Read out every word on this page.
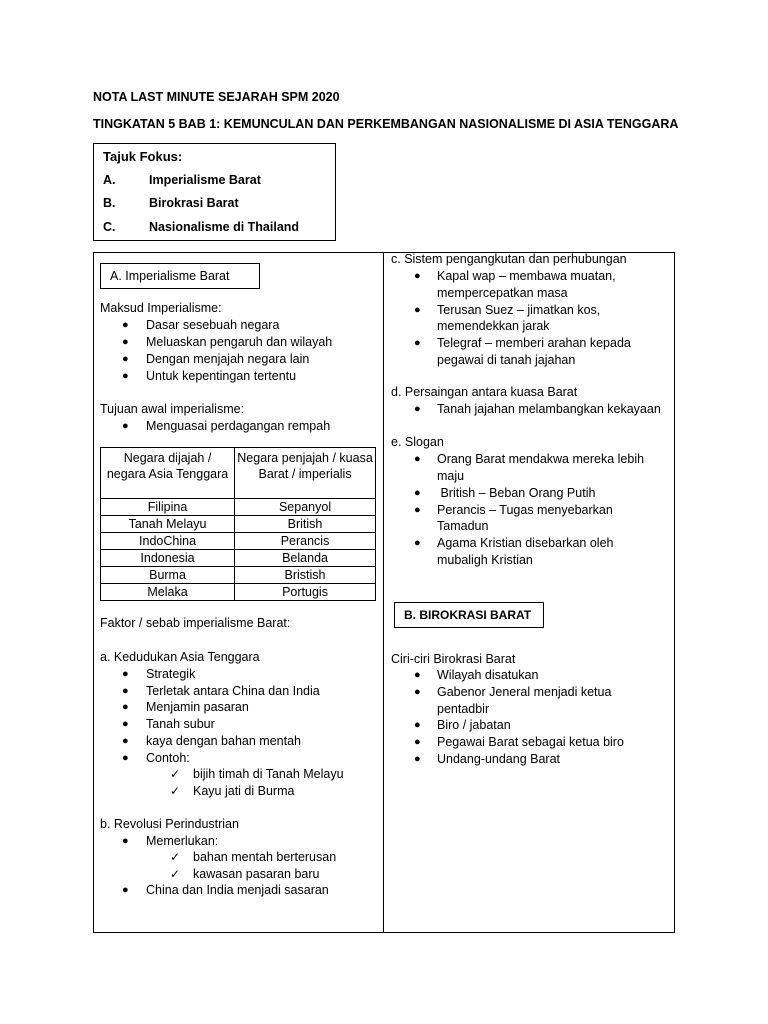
NOTA LAST MINUTE SEJARAH SPM 2020
TINGKATAN 5 BAB 1: KEMUNCULAN DAN PERKEMBANGAN NASIONALISME DI ASIA TENGGARA
Tajuk Fokus:
A.	Imperialisme Barat
B.	Birokrasi Barat
C.	Nasionalisme di Thailand
A. Imperialisme Barat
Maksud Imperialisme:
● Dasar sesebuah negara
● Meluaskan pengaruh dan wilayah
● Dengan menjajah negara lain
● Untuk kepentingan tertentu
Tujuan awal imperialisme:
● Menguasai perdagangan rempah
Negara dijajah / negara Asia Tenggara	Negara penjajah / kuasa Barat / imperialis
Filipina	Sepanyol
Tanah Melayu	British
IndoChina	Perancis
Indonesia	Belanda
Burma	Bristish
Melaka	Portugis
Faktor / sebab imperialisme Barat:
a. Kedudukan Asia Tenggara
● Strategik
● Terletak antara China dan India
● Menjamin pasaran
● Tanah subur
● kaya dengan bahan mentah
● Contoh:
✓ bijih timah di Tanah Melayu
✓ Kayu jati di Burma
b. Revolusi Perindustrian
● Memerlukan:
✓ bahan mentah berterusan
✓ kawasan pasaran baru
● China dan India menjadi sasaran
c. Sistem pengangkutan dan perhubungan
● Kapal wap – membawa muatan,
mempercepatkan masa
● Terusan Suez – jimatkan kos,
memendekkan jarak
● Telegraf – memberi arahan kepada
pegawai di tanah jajahan
d. Persaingan antara kuasa Barat
● Tanah jajahan melambangkan kekayaan
e. Slogan
● Orang Barat mendakwa mereka lebih
maju
● British – Beban Orang Putih
● Perancis – Tugas menyebarkan
Tamadun
● Agama Kristian disebarkan oleh
mubaligh Kristian
B. BIROKRASI BARAT
Ciri-ciri Birokrasi Barat
● Wilayah disatukan
● Gabenor Jeneral menjadi ketua
pentadbir
● Biro / jabatan
● Pegawai Barat sebagai ketua biro
● Undang-undang Barat
